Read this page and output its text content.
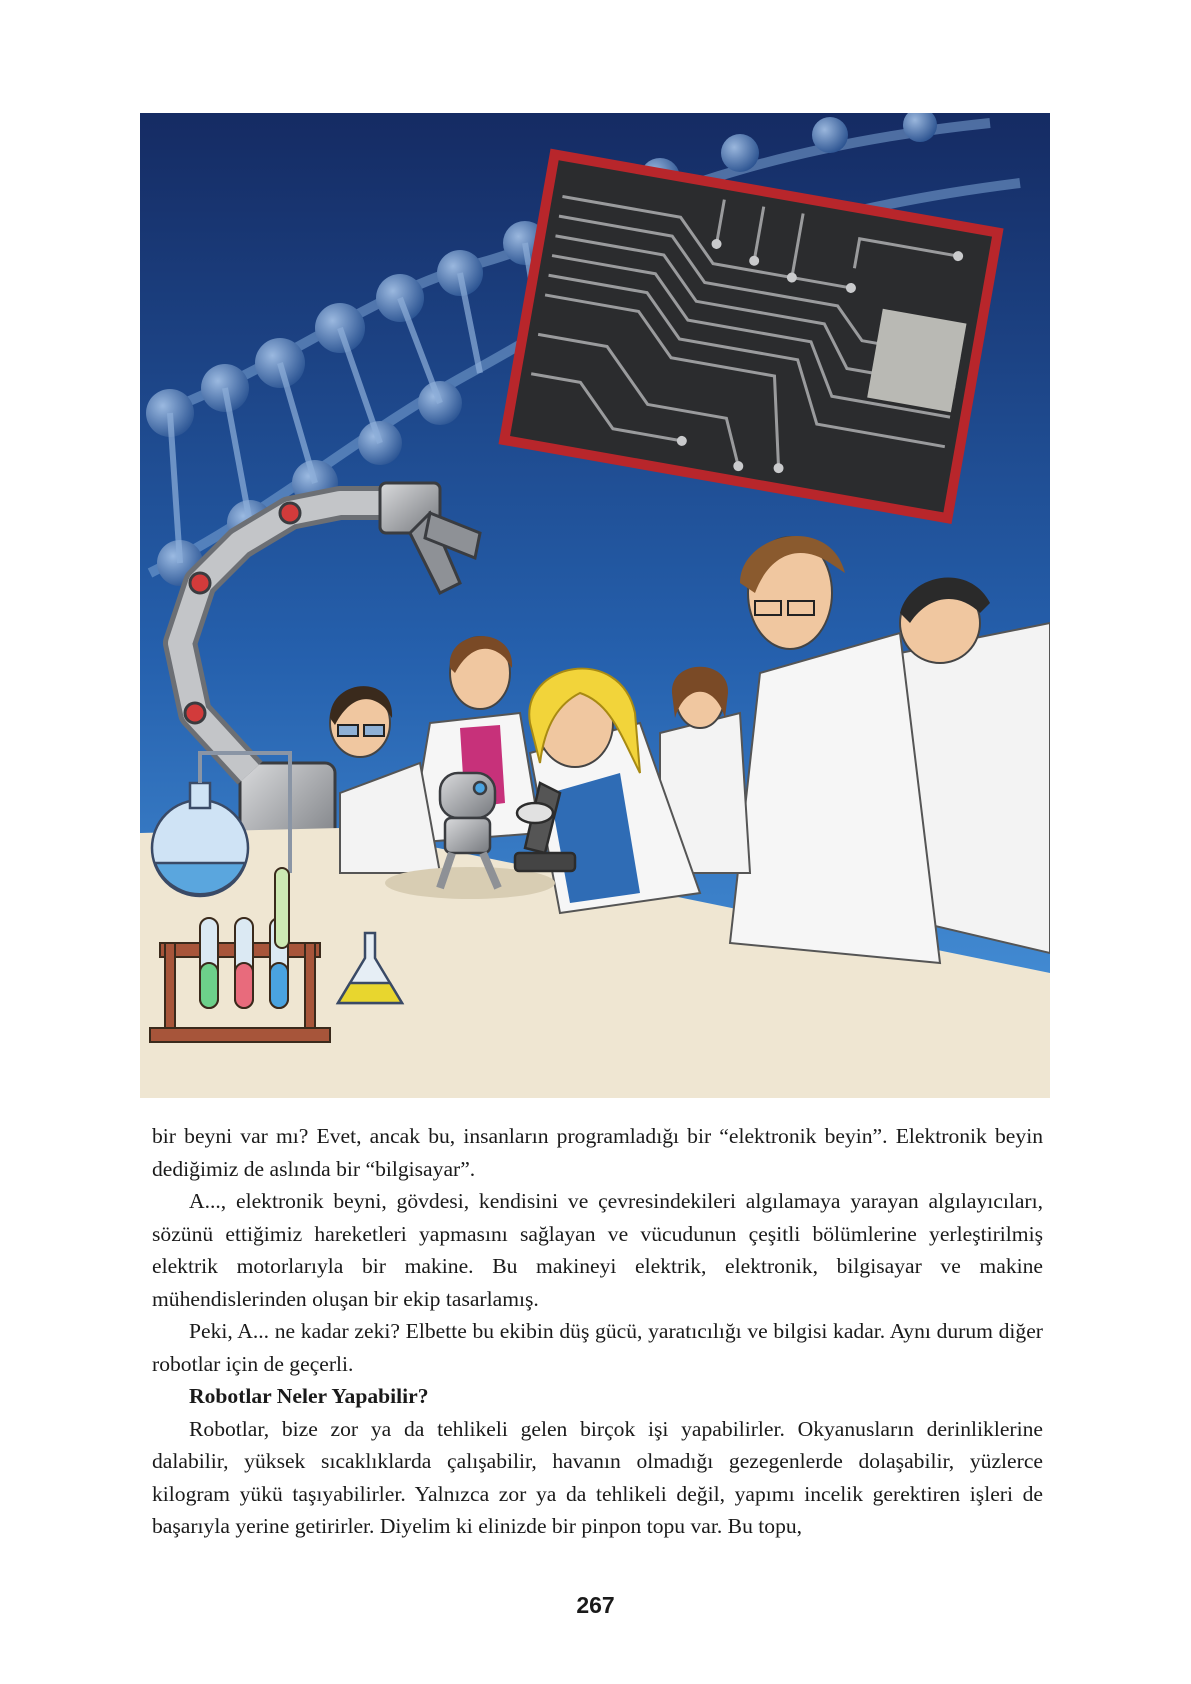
bir beyni var mı? Evet, ancak bu, insanların programladığı bir “elektronik beyin”. Elektronik beyin dediğimiz de aslında bir “bilgisayar”.

A..., elektronik beyni, gövdesi, kendisini ve çevresindekileri algılamaya yarayan algılayıcıları, sözünü ettiğimiz hareketleri yapmasını sağlayan ve vücudunun çeşitli bölümlerine yerleştirilmiş elektrik motorlarıyla bir makine. Bu makineyi elektrik, elektronik, bilgisayar ve makine mühendislerinden oluşan bir ekip tasarlamış.

Peki, A... ne kadar zeki? Elbette bu ekibin düş gücü, yaratıcılığı ve bilgisi kadar. Aynı durum diğer robotlar için de geçerli.

Robotlar Neler Yapabilir?

Robotlar, bize zor ya da tehlikeli gelen birçok işi yapabilirler. Okyanusların derinliklerine dalabilir, yüksek sıcaklıklarda çalışabilir, havanın olmadığı gezegenlerde dolaşabilir, yüzlerce kilogram yükü taşıyabilirler. Yalnızca zor ya da tehlikeli değil, yapımı incelik gerektiren işleri de başarıyla yerine getirirler. Diyelim ki elinizde bir pinpon topu var. Bu topu,

267
